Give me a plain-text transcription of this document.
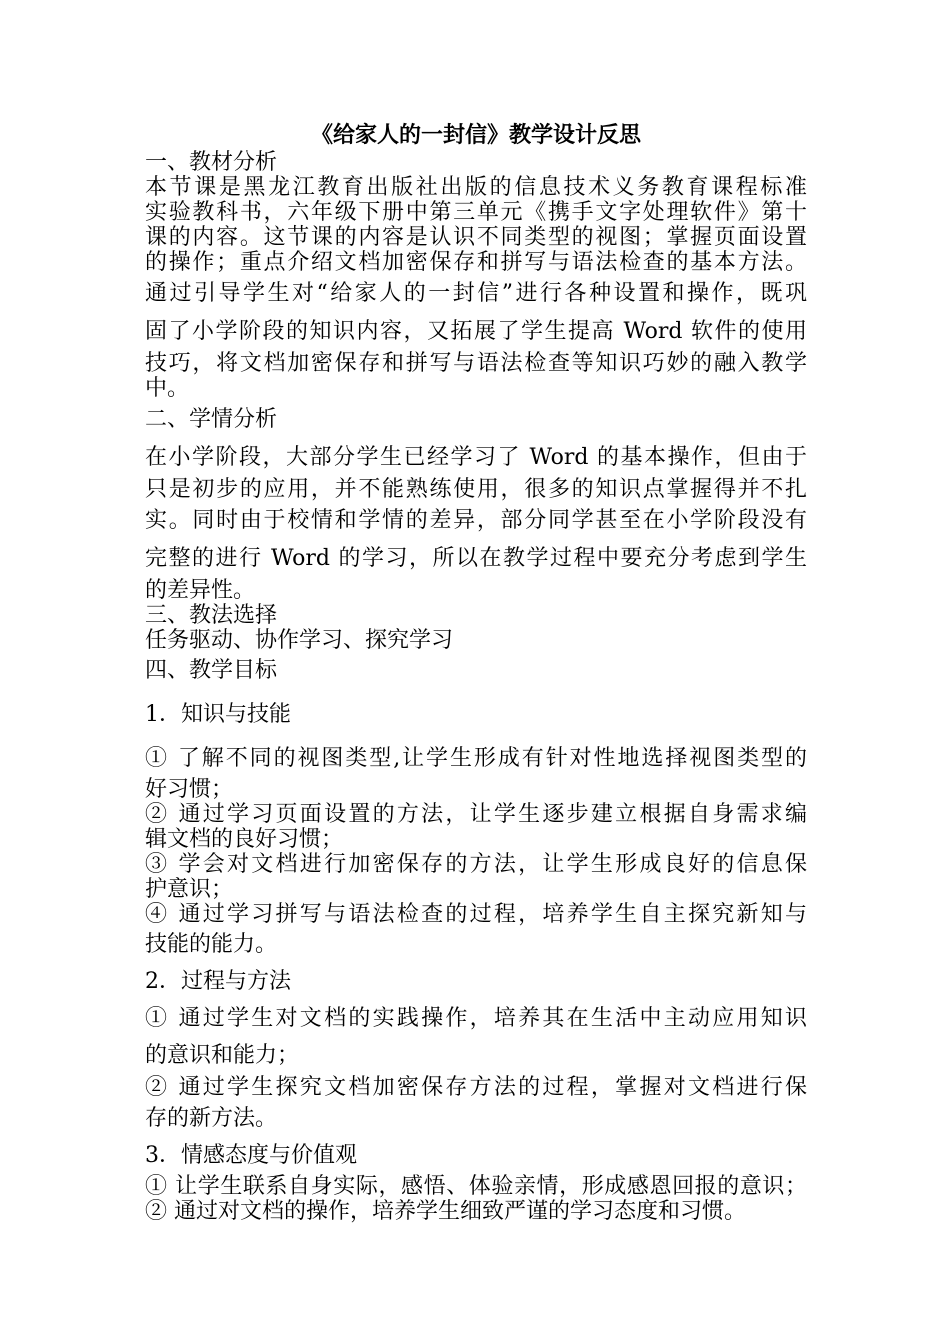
《给家人的一封信》教学设计反思

一、教材分析

本节课是黑龙江教育出版社出版的信息技术义务教育课程标准

实验教科书，六年级下册中第三单元《携手文字处理软件》第十

课的内容。这节课的内容是认识不同类型的视图；掌握页面设置

的操作；重点介绍文档加密保存和拼写与语法检查的基本方法。

通过引导学生对“给家人的一封信”进行各种设置和操作，既巩

固了小学阶段的知识内容，又拓展了学生提高 Word 软件的使用

技巧，将文档加密保存和拼写与语法检查等知识巧妙的融入教学

中。

二、学情分析

在小学阶段，大部分学生已经学习了 Word 的基本操作，但由于

只是初步的应用，并不能熟练使用，很多的知识点掌握得并不扎

实。同时由于校情和学情的差异，部分同学甚至在小学阶段没有

完整的进行 Word 的学习，所以在教学过程中要充分考虑到学生

的差异性。

三、教法选择

任务驱动、协作学习、探究学习

四、教学目标

1．知识与技能

① 了解不同的视图类型,让学生形成有针对性地选择视图类型的

好习惯；

② 通过学习页面设置的方法，让学生逐步建立根据自身需求编

辑文档的良好习惯；

③ 学会对文档进行加密保存的方法，让学生形成良好的信息保

护意识；

④ 通过学习拼写与语法检查的过程，培养学生自主探究新知与

技能的能力。

2．过程与方法

① 通过学生对文档的实践操作，培养其在生活中主动应用知识

的意识和能力；

② 通过学生探究文档加密保存方法的过程，掌握对文档进行保

存的新方法。

3．情感态度与价值观

① 让学生联系自身实际，感悟、体验亲情，形成感恩回报的意识；

② 通过对文档的操作，培养学生细致严谨的学习态度和习惯。
